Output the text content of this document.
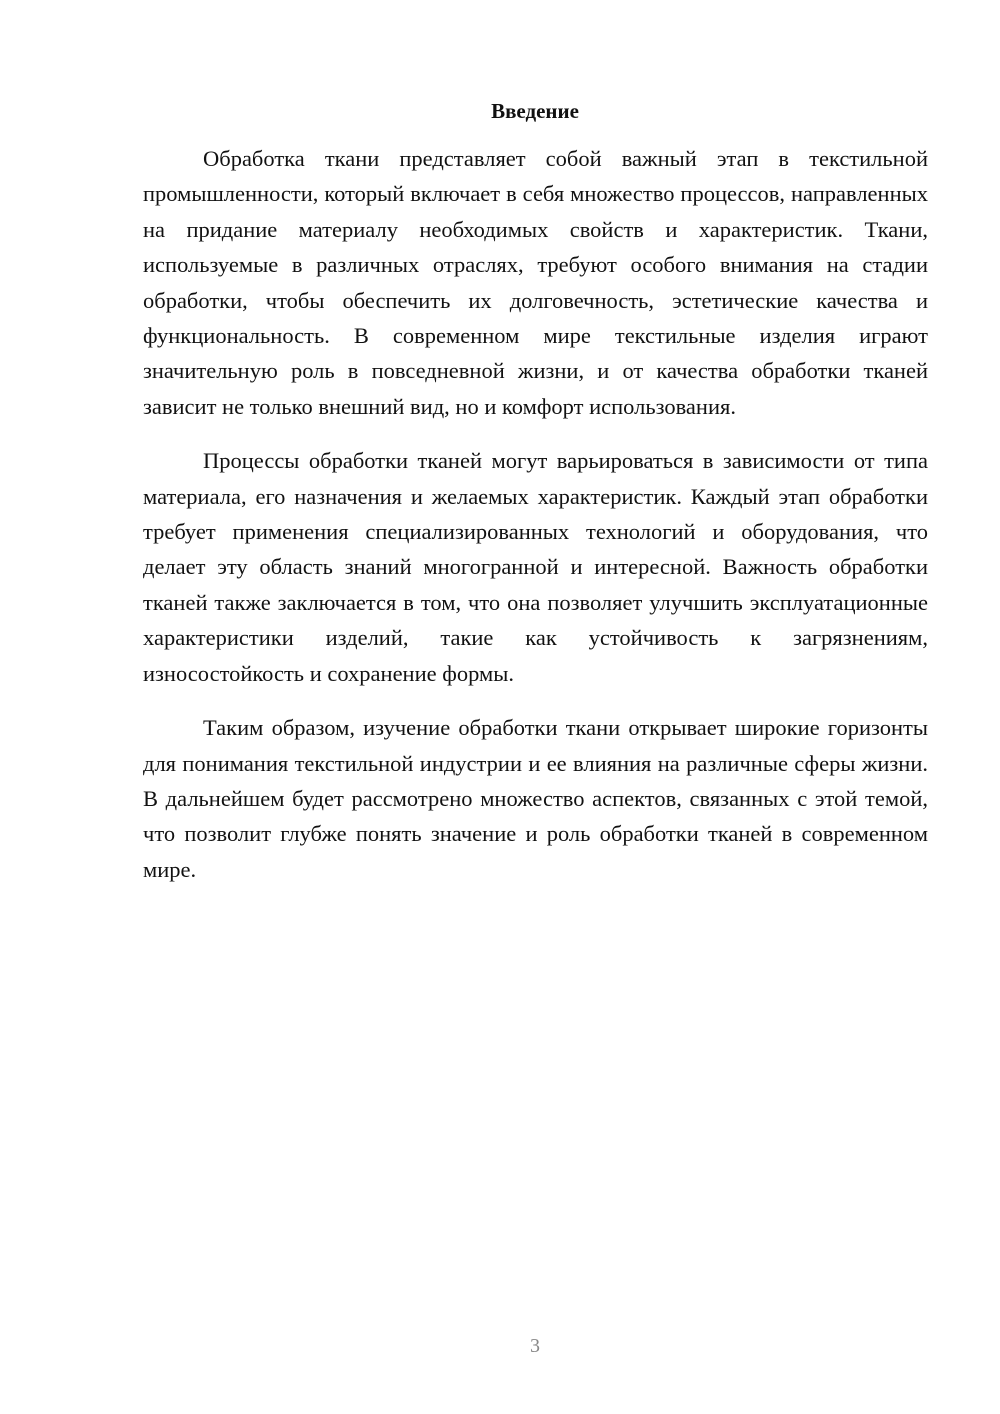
Введение

Обработка ткани представляет собой важный этап в текстильной промышленности, который включает в себя множество процессов, направленных на придание материалу необходимых свойств и характеристик. Ткани, используемые в различных отраслях, требуют особого внимания на стадии обработки, чтобы обеспечить их долговечность, эстетические качества и функциональность. В современном мире текстильные изделия играют значительную роль в повседневной жизни, и от качества обработки тканей зависит не только внешний вид, но и комфорт использования.

Процессы обработки тканей могут варьироваться в зависимости от типа материала, его назначения и желаемых характеристик. Каждый этап обработки требует применения специализированных технологий и оборудования, что делает эту область знаний многогранной и интересной. Важность обработки тканей также заключается в том, что она позволяет улучшить эксплуатационные характеристики изделий, такие как устойчивость к загрязнениям, износостойкость и сохранение формы.

Таким образом, изучение обработки ткани открывает широкие горизонты для понимания текстильной индустрии и ее влияния на различные сферы жизни. В дальнейшем будет рассмотрено множество аспектов, связанных с этой темой, что позволит глубже понять значение и роль обработки тканей в современном мире.

3
